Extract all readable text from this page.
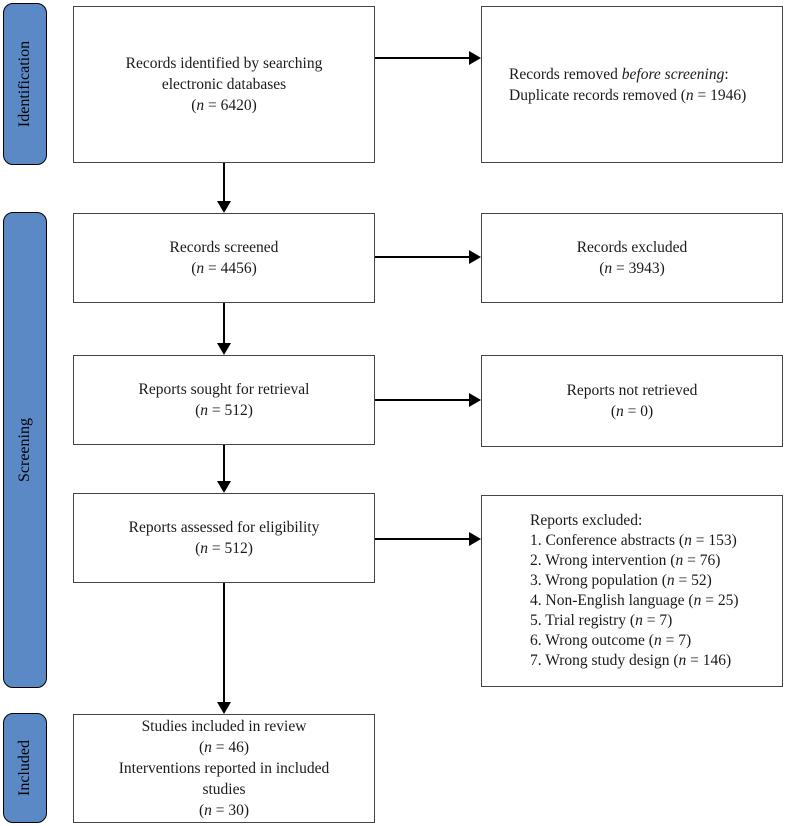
Identification
Screening
Included
Records identified by searching
electronic databases
(n = 6420)
Records removed before screening:
Duplicate records removed (n = 1946)
Records screened
(n = 4456)
Records excluded
(n = 3943)
Reports sought for retrieval
(n = 512)
Reports not retrieved
(n = 0)
Reports assessed for eligibility
(n = 512)
Reports excluded:
1. Conference abstracts (n = 153)
2. Wrong intervention (n = 76)
3. Wrong population (n = 52)
4. Non-English language (n = 25)
5. Trial registry (n = 7)
6. Wrong outcome (n = 7)
7. Wrong study design (n = 146)
Studies included in review
(n = 46)
Interventions reported in included
studies
(n = 30)
